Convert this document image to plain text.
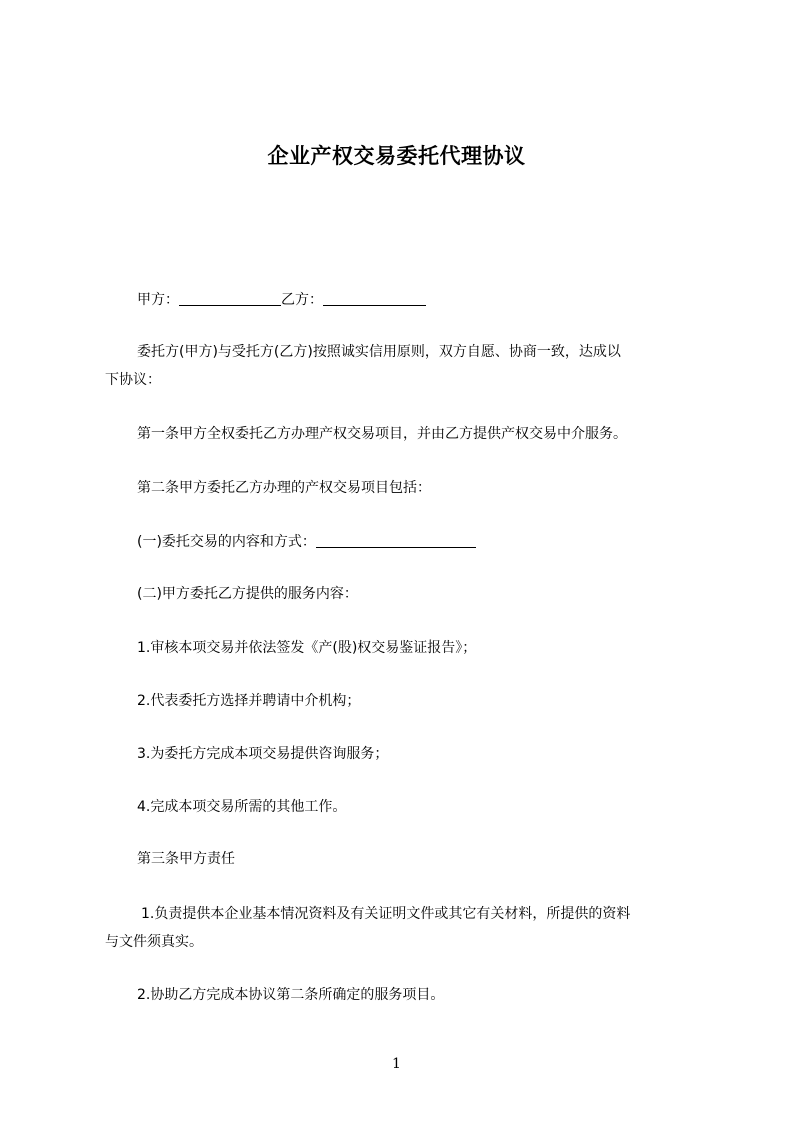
企业产权交易委托代理协议
甲方：	乙方：
委托方(甲方)与受托方(乙方)按照诚实信用原则，双方自愿、协商一致，达成以
下协议：
第一条甲方全权委托乙方办理产权交易项目，并由乙方提供产权交易中介服务。
第二条甲方委托乙方办理的产权交易项目包括：
(一)委托交易的内容和方式：
(二)甲方委托乙方提供的服务内容：
1.审核本项交易并依法签发《产(股)权交易鉴证报告》；
2.代表委托方选择并聘请中介机构；
3.为委托方完成本项交易提供咨询服务；
4.完成本项交易所需的其他工作。
第三条甲方责任
1.负责提供本企业基本情况资料及有关证明文件或其它有关材料，所提供的资料
与文件须真实。
2.协助乙方完成本协议第二条所确定的服务项目。
1
